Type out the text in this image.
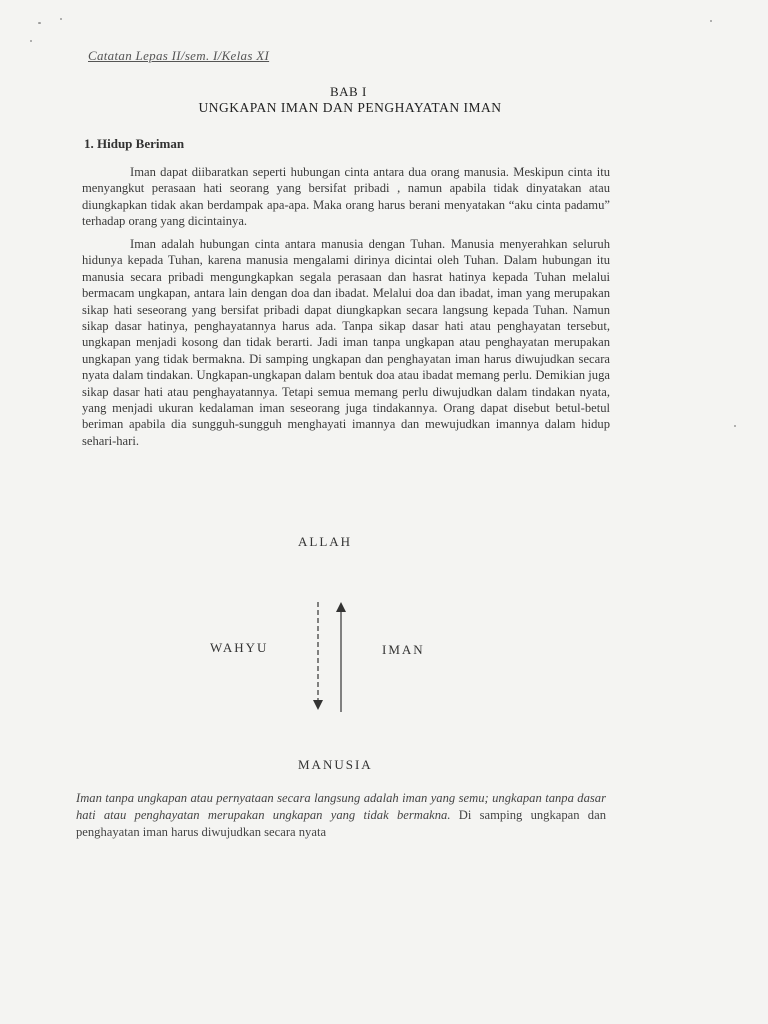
Catatan Lepas II/sem. I/Kelas XI
BAB I
UNGKAPAN IMAN DAN PENGHAYATAN IMAN
1. Hidup Beriman

Iman dapat diibaratkan seperti hubungan cinta antara dua orang manusia. Meskipun cinta itu menyangkut perasaan hati seorang yang bersifat pribadi , namun apabila tidak dinyatakan atau diungkapkan tidak akan berdampak apa-apa. Maka orang harus berani menyatakan “aku cinta padamu” terhadap orang yang dicintainya.

Iman adalah hubungan cinta antara manusia dengan Tuhan. Manusia menyerahkan seluruh hidunya kepada Tuhan, karena manusia mengalami dirinya dicintai oleh Tuhan. Dalam hubungan itu manusia secara pribadi mengungkapkan segala perasaan dan hasrat hatinya kepada Tuhan melalui bermacam ungkapan, antara lain dengan doa dan ibadat. Melalui doa dan ibadat, iman yang merupakan sikap hati seseorang yang bersifat pribadi dapat diungkapkan secara langsung kepada Tuhan. Namun sikap dasar hatinya, penghayatannya harus ada. Tanpa sikap dasar hati atau penghayatan tersebut, ungkapan menjadi kosong dan tidak berarti. Jadi iman tanpa ungkapan atau penghayatan merupakan ungkapan yang tidak bermakna. Di samping ungkapan dan penghayatan iman harus diwujudkan secara nyata dalam tindakan. Ungkapan-ungkapan dalam bentuk doa atau ibadat memang perlu. Demikian juga sikap dasar hati atau penghayatannya. Tetapi semua memang perlu diwujudkan dalam tindakan nyata, yang menjadi ukuran kedalaman iman seseorang juga tindakannya. Orang dapat disebut betul-betul beriman apabila dia sungguh-sungguh menghayati imannya dan mewujudkan imannya dalam hidup sehari-hari.

ALLAH
WAHYU	IMAN
MANUSIA
Iman tanpa ungkapan atau pernyataan secara langsung adalah iman yang semu; ungkapan tanpa dasar hati atau penghayatan merupakan ungkapan yang tidak bermakna. Di samping ungkapan dan penghayatan iman harus diwujudkan secara nyata
